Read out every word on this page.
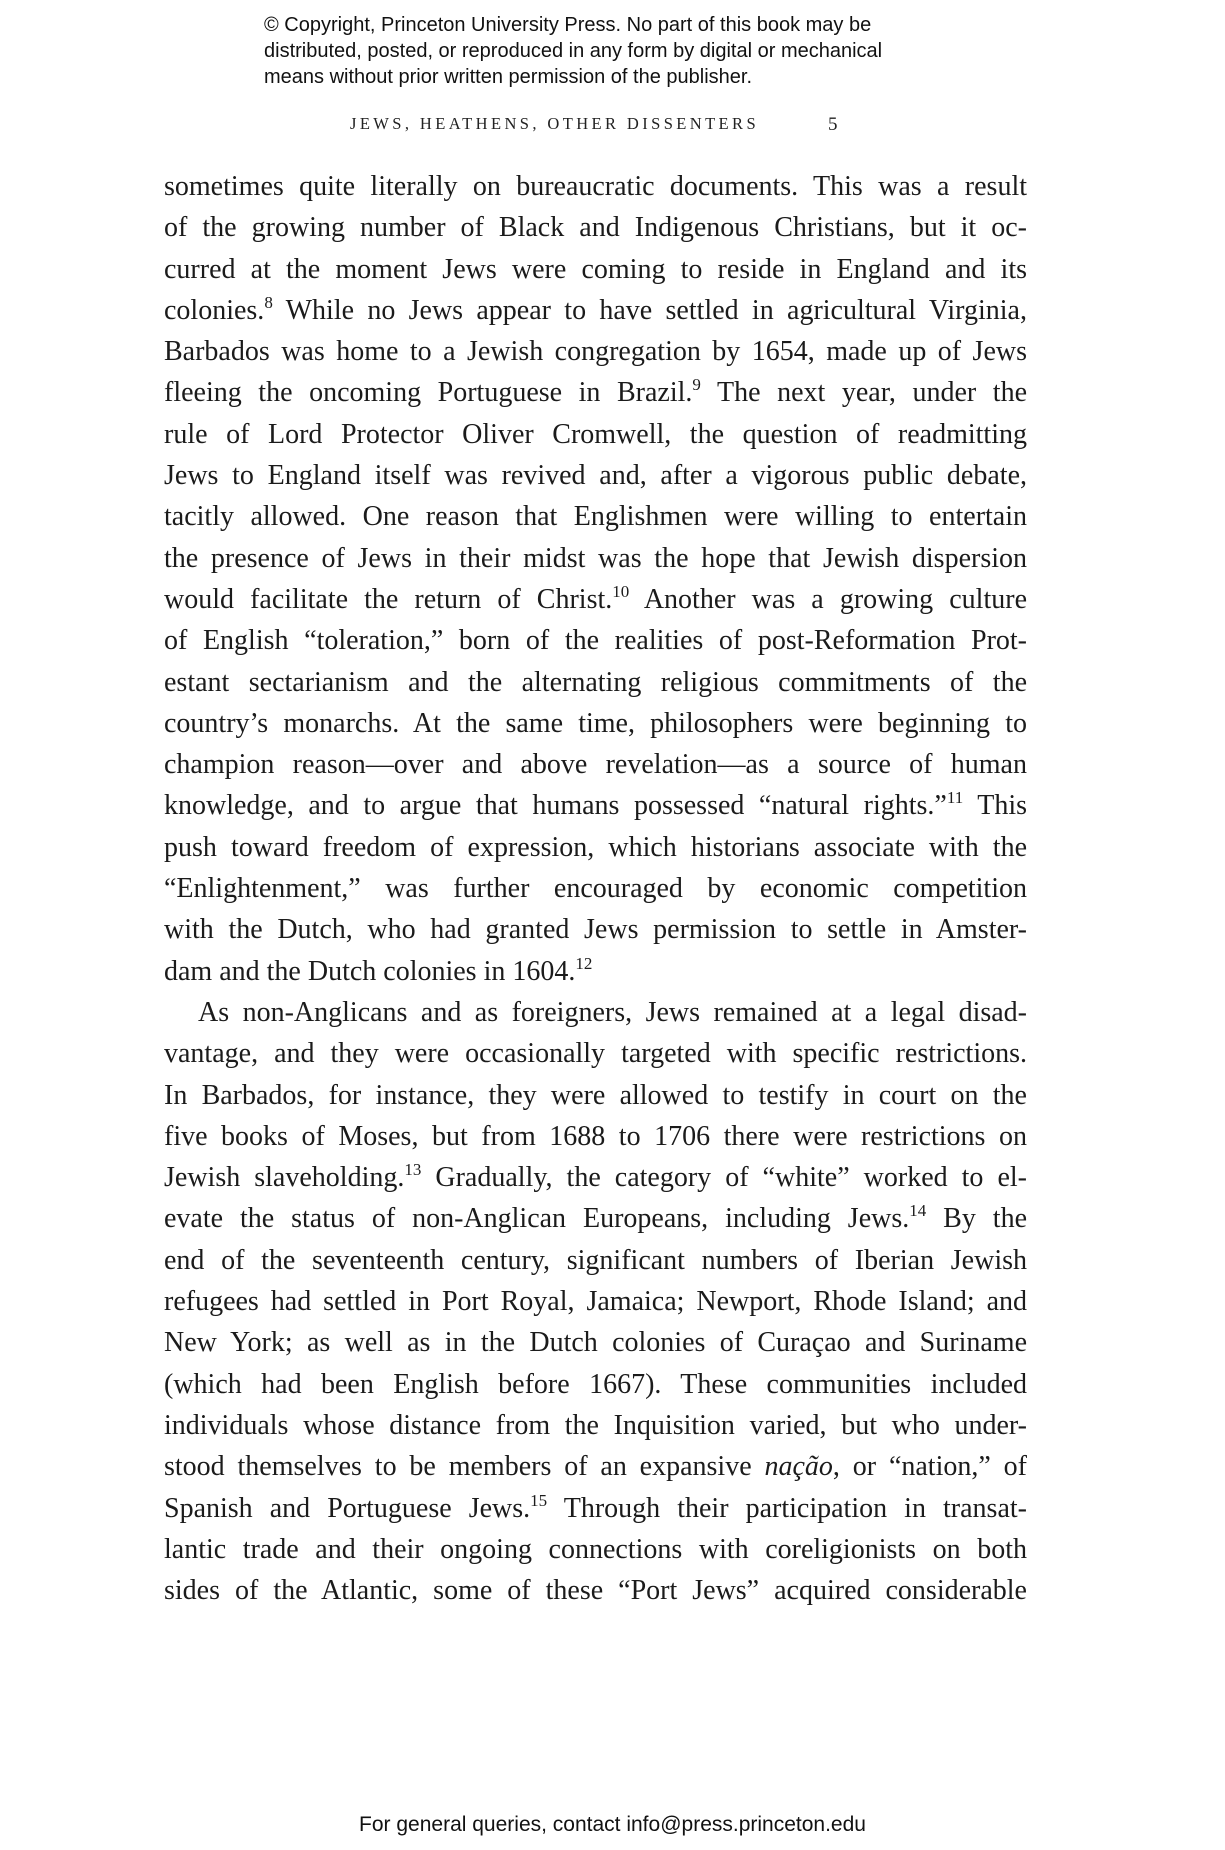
© Copyright, Princeton University Press. No part of this book may be
distributed, posted, or reproduced in any form by digital or mechanical
means without prior written permission of the publisher.
JEWS, HEATHENS, OTHER DISSENTERS	5
sometimes quite literally on bureaucratic documents. This was a result
of the growing number of Black and Indigenous Christians, but it oc-
curred at the moment Jews were coming to reside in England and its
colonies.$^8$ While no Jews appear to have settled in agricultural Virginia,
Barbados was home to a Jewish congregation by 1654, made up of Jews
fleeing the oncoming Portuguese in Brazil.$^9$ The next year, under the
rule of Lord Protector Oliver Cromwell, the question of readmitting
Jews to England itself was revived and, after a vigorous public debate,
tacitly allowed. One reason that Englishmen were willing to entertain
the presence of Jews in their midst was the hope that Jewish dispersion
would facilitate the return of Christ.$^{10}$ Another was a growing culture
of English “toleration,” born of the realities of post-Reformation Prot-
estant sectarianism and the alternating religious commitments of the
country’s monarchs. At the same time, philosophers were beginning to
champion reason—over and above revelation—as a source of human
knowledge, and to argue that humans possessed “natural rights.”$^{11}$ This
push toward freedom of expression, which historians associate with the
“Enlightenment,” was further encouraged by economic competition
with the Dutch, who had granted Jews permission to settle in Amster-
dam and the Dutch colonies in 1604.12
As non-Anglicans and as foreigners, Jews remained at a legal disad-
vantage, and they were occasionally targeted with specific restrictions.
In Barbados, for instance, they were allowed to testify in court on the
five books of Moses, but from 1688 to 1706 there were restrictions on
Jewish slaveholding.$^{13}$ Gradually, the category of “white” worked to el-
evate the status of non-Anglican Europeans, including Jews.$^{14}$ By the
end of the seventeenth century, significant numbers of Iberian Jewish
refugees had settled in Port Royal, Jamaica; Newport, Rhode Island; and
New York; as well as in the Dutch colonies of Curaçao and Suriname
(which had been English before 1667). These communities included
individuals whose distance from the Inquisition varied, but who under-
stood themselves to be members of an expansive nação, or “nation,” of
Spanish and Portuguese Jews.$^{15}$ Through their participation in transat-
lantic trade and their ongoing connections with coreligionists on both
sides of the Atlantic, some of these “Port Jews” acquired considerable
For general queries, contact info@press.princeton.edu
